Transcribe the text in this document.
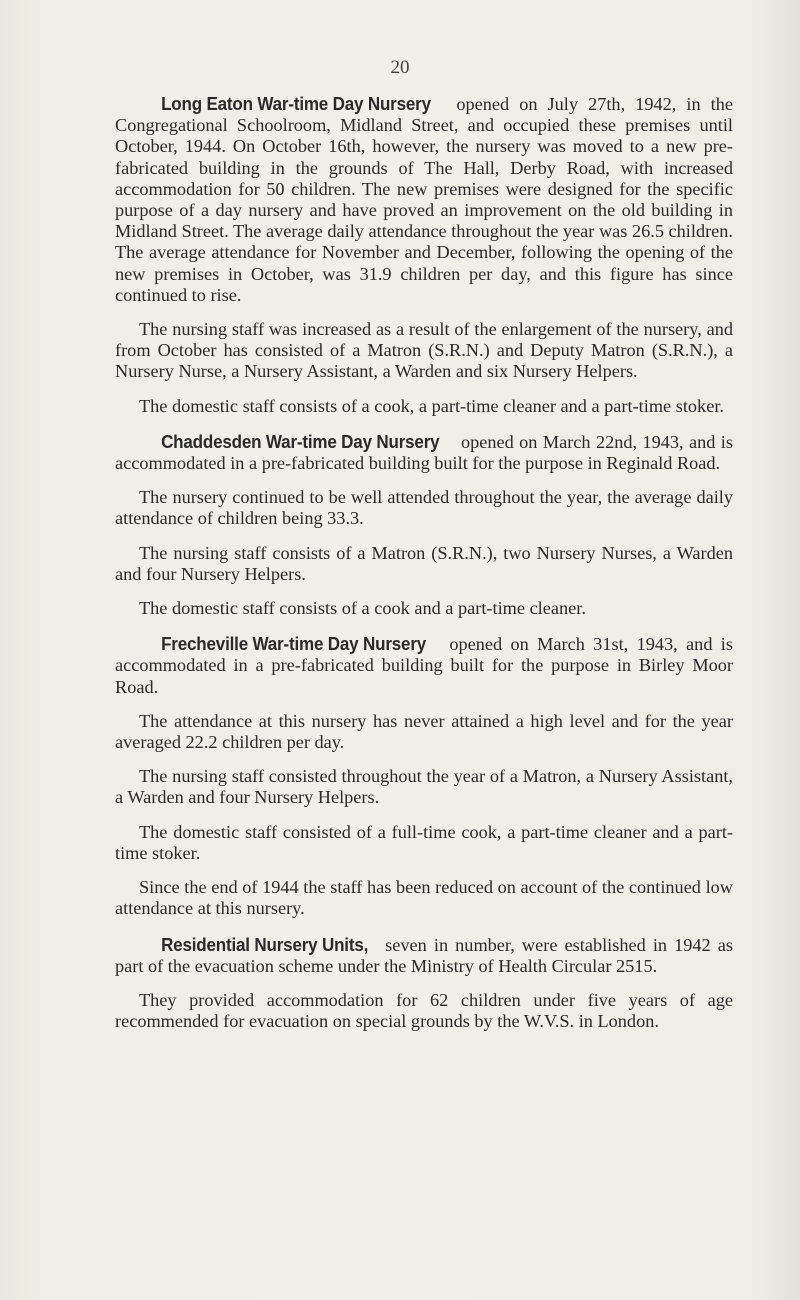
20

Long Eaton War-time Day Nursery opened on July 27th, 1942, in the Congregational Schoolroom, Midland Street, and occupied these premises until October, 1944. On October 16th, however, the nursery was moved to a new pre-fabricated building in the grounds of The Hall, Derby Road, with increased accommodation for 50 children. The new premises were designed for the specific purpose of a day nursery and have proved an improvement on the old building in Midland Street. The average daily attendance throughout the year was 26.5 children. The average attendance for November and December, following the opening of the new premises in October, was 31.9 children per day, and this figure has since continued to rise.

The nursing staff was increased as a result of the enlargement of the nursery, and from October has consisted of a Matron (S.R.N.) and Deputy Matron (S.R.N.), a Nursery Nurse, a Nursery Assistant, a Warden and six Nursery Helpers.

The domestic staff consists of a cook, a part-time cleaner and a part-time stoker.

Chaddesden War-time Day Nursery opened on March 22nd, 1943, and is accommodated in a pre-fabricated building built for the purpose in Reginald Road.

The nursery continued to be well attended throughout the year, the average daily attendance of children being 33.3.

The nursing staff consists of a Matron (S.R.N.), two Nursery Nurses, a Warden and four Nursery Helpers.

The domestic staff consists of a cook and a part-time cleaner.

Frecheville War-time Day Nursery opened on March 31st, 1943, and is accommodated in a pre-fabricated building built for the purpose in Birley Moor Road.

The attendance at this nursery has never attained a high level and for the year averaged 22.2 children per day.

The nursing staff consisted throughout the year of a Matron, a Nursery Assistant, a Warden and four Nursery Helpers.

The domestic staff consisted of a full-time cook, a part-time cleaner and a part-time stoker.

Since the end of 1944 the staff has been reduced on account of the continued low attendance at this nursery.

Residential Nursery Units, seven in number, were established in 1942 as part of the evacuation scheme under the Ministry of Health Circular 2515.

They provided accommodation for 62 children under five years of age recommended for evacuation on special grounds by the W.V.S. in London.
